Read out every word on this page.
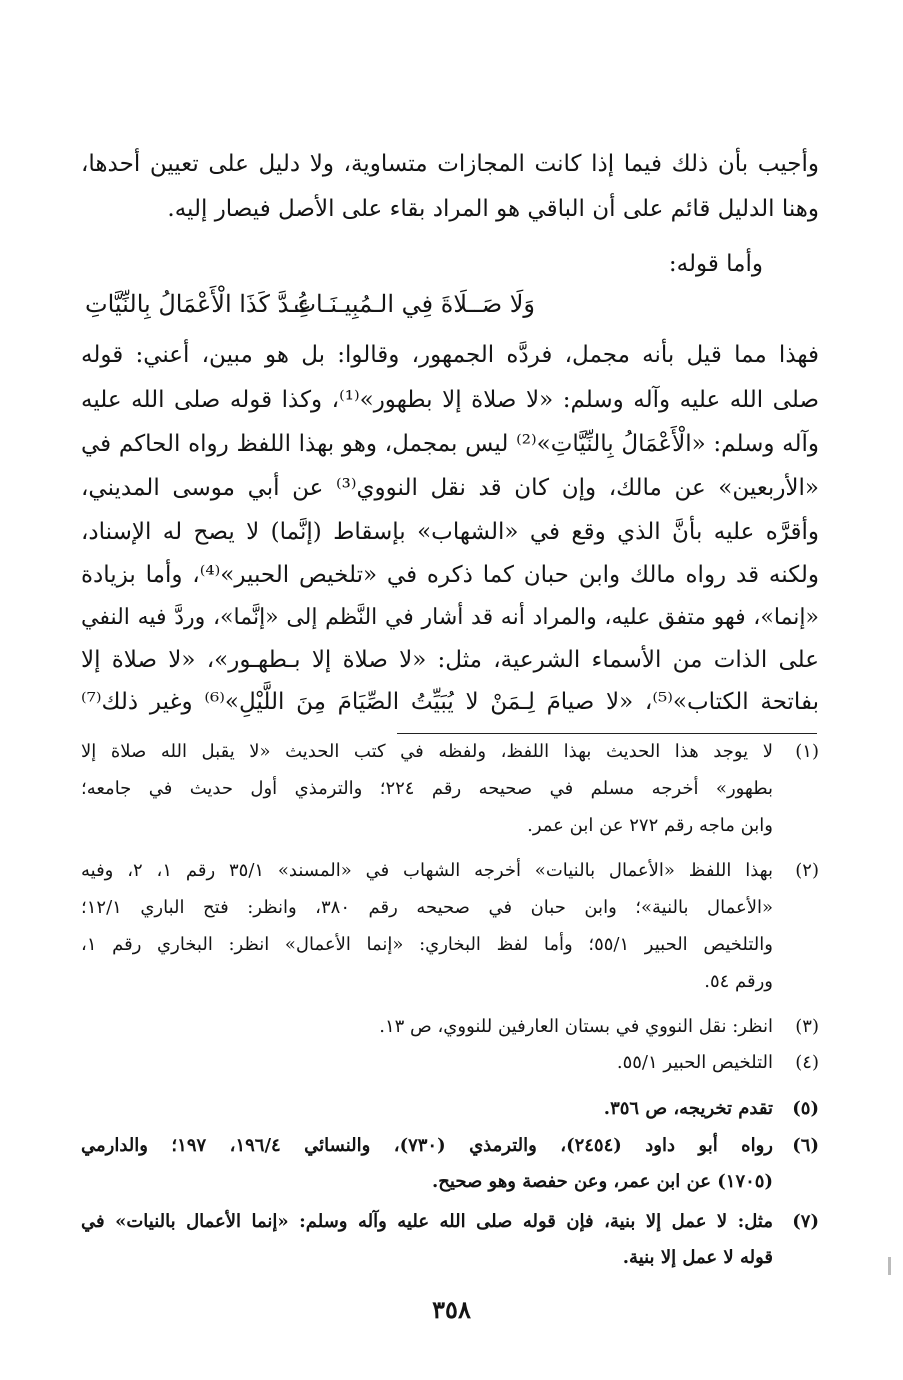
وأجيب بأن ذلك فيما إذا كانت المجازات متساوية، ولا دليل على تعيين أحدها،
وهنا الدليل قائم على أن الباقي هو المراد بقاء على الأصل فيصار إليه.
وأما قوله:
وَلَا صَــلَاةَ فِي الـمُبِيـنَـاتِ
عُـدَّ كَذَا الْأَعْمَالُ بِالنِّيَّاتِ
فهذا مما قيل بأنه مجمل، فردَّه الجمهور، وقالوا: بل هو مبين، أعني: قوله
صلى الله عليه وآله وسلم: «لا صلاة إلا بطهور»⁽¹⁾، وكذا قوله صلى الله عليه
وآله وسلم: «الْأَعْمَالُ بِالنِّيَّاتِ»⁽²⁾ ليس بمجمل، وهو بهذا اللفظ رواه الحاكم في
«الأربعين» عن مالك، وإن كان قد نقل النووي⁽³⁾ عن أبي موسى المديني،
وأقرَّه عليه بأنَّ الذي وقع في «الشهاب» بإسقاط (إنَّما) لا يصح له الإسناد،
ولكنه قد رواه مالك وابن حبان كما ذكره في «تلخيص الحبير»⁽⁴⁾، وأما بزيادة
«إنما»، فهو متفق عليه، والمراد أنه قد أشار في النَّظم إلى «إنَّما»، وردَّ فيه النفي
على الذات من الأسماء الشرعية، مثل: «لا صلاة إلا بـطهـور»، «لا صلاة إلا
بفاتحة الكتاب»⁽⁵⁾، «لا صيامَ لِـمَنْ لا يُبَيِّتُ الصِّيَامَ مِنَ اللَّيْلِ»⁽⁶⁾ وغير ذلك⁽⁷⁾
(١)
لا يوجد هذا الحديث بهذا اللفظ، ولفظه في كتب الحديث «لا يقبل الله صلاة إلا
بطهور» أخرجه مسلم في صحيحه رقم ٢٢٤؛ والترمذي أول حديث في جامعه؛
وابن ماجه رقم ٢٧٢ عن ابن عمر.
(٢)
بهذا اللفظ «الأعمال بالنيات» أخرجه الشهاب في «المسند» ٣٥/١ رقم ١، ٢، وفيه
«الأعمال بالنية»؛ وابن حبان في صحيحه رقم ٣٨٠، وانظر: فتح الباري ١٢/١؛
والتلخيص الحبير ٥٥/١؛ وأما لفظ البخاري: «إنما الأعمال» انظر: البخاري رقم ١،
ورقم ٥٤.
(٣)
انظر: نقل النووي في بستان العارفين للنووي، ص ١٣.
(٤)
التلخيص الحبير ٥٥/١.
(٥)
تقدم تخريجه، ص ٣٥٦.
(٦)
رواه أبو داود (٢٤٥٤)، والترمذي (٧٣٠)، والنسائي ١٩٦/٤، ١٩٧؛ والدارمي
(١٧٠٥) عن ابن عمر، وعن حفصة وهو صحيح.
(٧)
مثل: لا عمل إلا بنية، فإن قوله صلى الله عليه وآله وسلم: «إنما الأعمال بالنيات» في
قوله لا عمل إلا بنية.
٣٥٨
